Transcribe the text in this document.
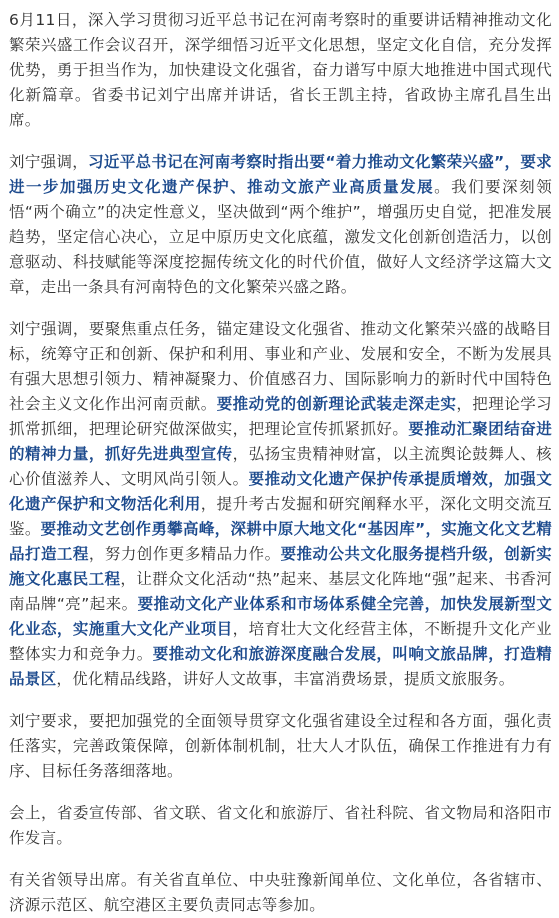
6月11日，深入学习贯彻习近平总书记在河南考察时的重要讲话精神推动文化繁荣兴盛工作会议召开，深学细悟习近平文化思想，坚定文化自信，充分发挥优势，勇于担当作为，加快建设文化强省，奋力谱写中原大地推进中国式现代化新篇章。省委书记刘宁出席并讲话，省长王凯主持，省政协主席孔昌生出席。

刘宁强调，习近平总书记在河南考察时指出要“着力推动文化繁荣兴盛”，要求进一步加强历史文化遗产保护、推动文旅产业高质量发展。我们要深刻领悟“两个确立”的决定性意义，坚决做到“两个维护”，增强历史自觉，把准发展趋势，坚定信心决心，立足中原历史文化底蕴，激发文化创新创造活力，以创意驱动、科技赋能等深度挖掘传统文化的时代价值，做好人文经济学这篇大文章，走出一条具有河南特色的文化繁荣兴盛之路。

刘宁强调，要聚焦重点任务，锚定建设文化强省、推动文化繁荣兴盛的战略目标，统筹守正和创新、保护和利用、事业和产业、发展和安全，不断为发展具有强大思想引领力、精神凝聚力、价值感召力、国际影响力的新时代中国特色社会主义文化作出河南贡献。要推动党的创新理论武装走深走实，把理论学习抓常抓细，把理论研究做深做实，把理论宣传抓紧抓好。要推动汇聚团结奋进的精神力量，抓好先进典型宣传，弘扬宝贵精神财富，以主流舆论鼓舞人、核心价值滋养人、文明风尚引领人。要推动文化遗产保护传承提质增效，加强文化遗产保护和文物活化利用，提升考古发掘和研究阐释水平，深化文明交流互鉴。要推动文艺创作勇攀高峰，深耕中原大地文化“基因库”，实施文化文艺精品打造工程，努力创作更多精品力作。要推动公共文化服务提档升级，创新实施文化惠民工程，让群众文化活动“热”起来、基层文化阵地“强”起来、书香河南品牌“亮”起来。要推动文化产业体系和市场体系健全完善，加快发展新型文化业态，实施重大文化产业项目，培育壮大文化经营主体，不断提升文化产业整体实力和竞争力。要推动文化和旅游深度融合发展，叫响文旅品牌，打造精品景区，优化精品线路，讲好人文故事，丰富消费场景，提质文旅服务。

刘宁要求，要把加强党的全面领导贯穿文化强省建设全过程和各方面，强化责任落实，完善政策保障，创新体制机制，壮大人才队伍，确保工作推进有力有序、目标任务落细落地。

会上，省委宣传部、省文联、省文化和旅游厅、省社科院、省文物局和洛阳市作发言。

有关省领导出席。有关省直单位、中央驻豫新闻单位、文化单位，各省辖市、济源示范区、航空港区主要负责同志等参加。
